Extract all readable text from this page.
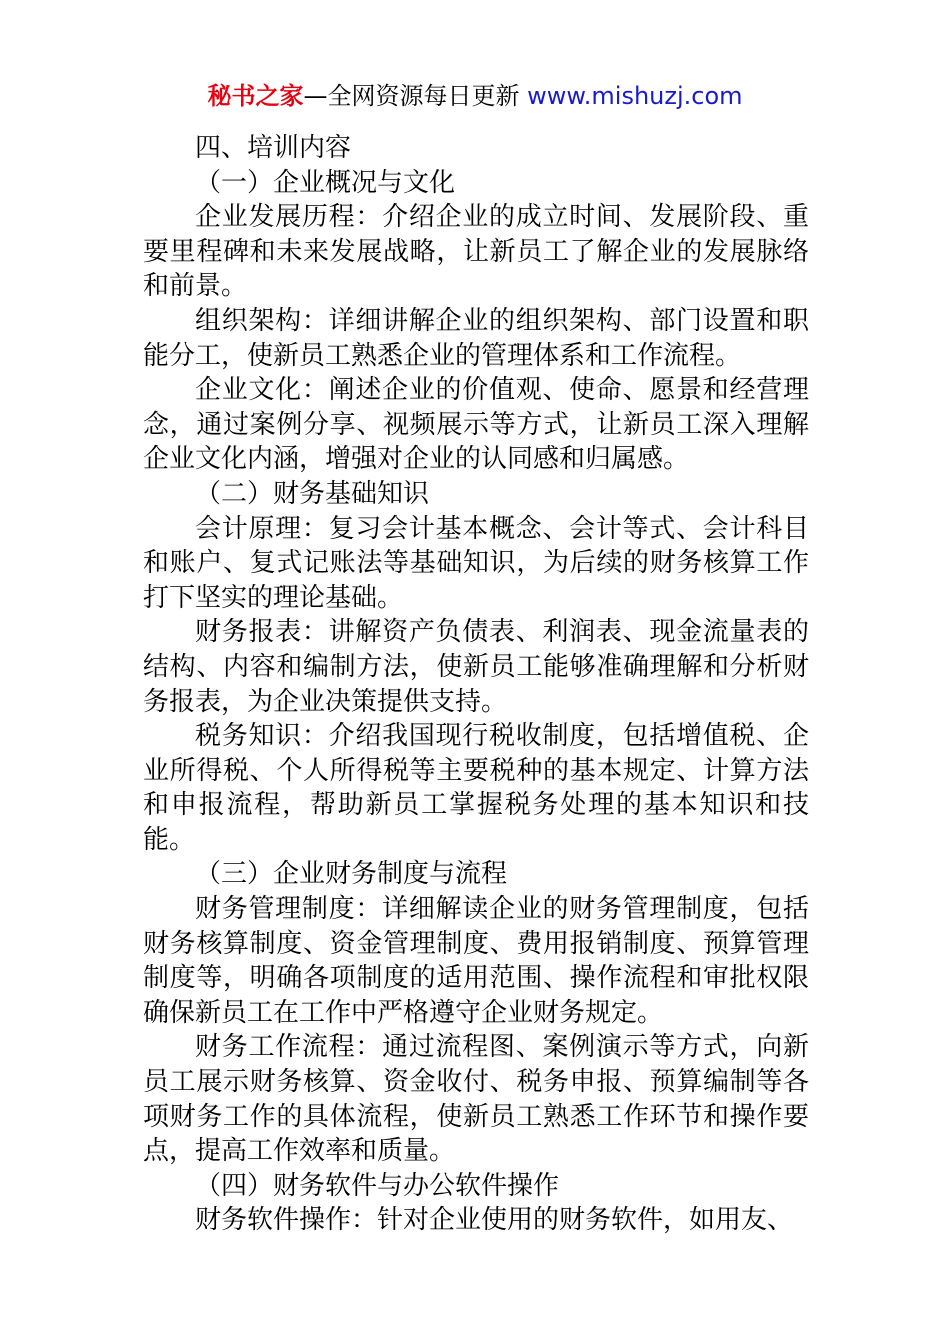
秘书之家—全网资源每日更新 www.mishuzj.com

四、培训内容

（一）企业概况与文化

企业发展历程：介绍企业的成立时间、发展阶段、重要里程碑和未来发展战略，让新员工了解企业的发展脉络和前景。

组织架构：详细讲解企业的组织架构、部门设置和职能分工，使新员工熟悉企业的管理体系和工作流程。

企业文化：阐述企业的价值观、使命、愿景和经营理念，通过案例分享、视频展示等方式，让新员工深入理解企业文化内涵，增强对企业的认同感和归属感。

（二）财务基础知识

会计原理：复习会计基本概念、会计等式、会计科目和账户、复式记账法等基础知识，为后续的财务核算工作打下坚实的理论基础。

财务报表：讲解资产负债表、利润表、现金流量表的结构、内容和编制方法，使新员工能够准确理解和分析财务报表，为企业决策提供支持。

税务知识：介绍我国现行税收制度，包括增值税、企业所得税、个人所得税等主要税种的基本规定、计算方法和申报流程，帮助新员工掌握税务处理的基本知识和技能。

（三）企业财务制度与流程

财务管理制度：详细解读企业的财务管理制度，包括财务核算制度、资金管理制度、费用报销制度、预算管理制度等，明确各项制度的适用范围、操作流程和审批权限确保新员工在工作中严格遵守企业财务规定。

财务工作流程：通过流程图、案例演示等方式，向新员工展示财务核算、资金收付、税务申报、预算编制等各项财务工作的具体流程，使新员工熟悉工作环节和操作要点，提高工作效率和质量。

（四）财务软件与办公软件操作

财务软件操作：针对企业使用的财务软件，如用友、
